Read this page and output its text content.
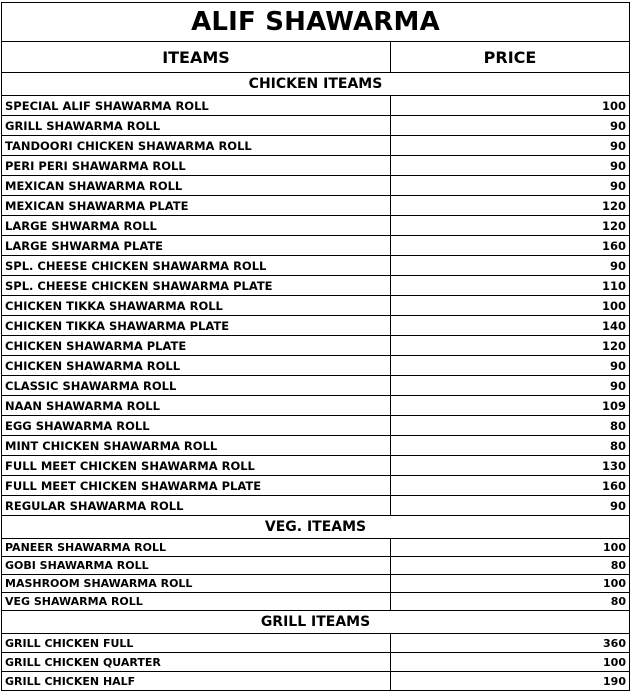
ALIF SHAWARMA	
ITEAMS	PRICE
CHICKEN ITEAMS	
SPECIAL ALIF SHAWARMA ROLL	100
GRILL SHAWARMA ROLL	90
TANDOORI CHICKEN SHAWARMA ROLL	90
PERI PERI SHAWARMA ROLL	90
MEXICAN SHAWARMA ROLL	90
MEXICAN SHAWARMA PLATE	120
LARGE SHWARMA ROLL	120
LARGE SHWARMA PLATE	160
SPL. CHEESE CHICKEN SHAWARMA ROLL	90
SPL. CHEESE CHICKEN SHAWARMA PLATE	110
CHICKEN TIKKA SHAWARMA ROLL	100
CHICKEN TIKKA SHAWARMA PLATE	140
CHICKEN SHAWARMA PLATE	120
CHICKEN SHAWARMA ROLL	90
CLASSIC SHAWARMA ROLL	90
NAAN SHAWARMA ROLL	109
EGG SHAWARMA ROLL	80
MINT CHICKEN SHAWARMA ROLL	80
FULL MEET CHICKEN SHAWARMA ROLL	130
FULL MEET CHICKEN SHAWARMA PLATE	160
REGULAR SHAWARMA ROLL	90
VEG. ITEAMS	
PANEER SHAWARMA ROLL	100
GOBI SHAWARMA ROLL	80
MASHROOM SHAWARMA ROLL	100
VEG SHAWARMA ROLL	80
GRILL ITEAMS	
GRILL CHICKEN FULL	360
GRILL CHICKEN QUARTER	100
GRILL CHICKEN HALF	190
